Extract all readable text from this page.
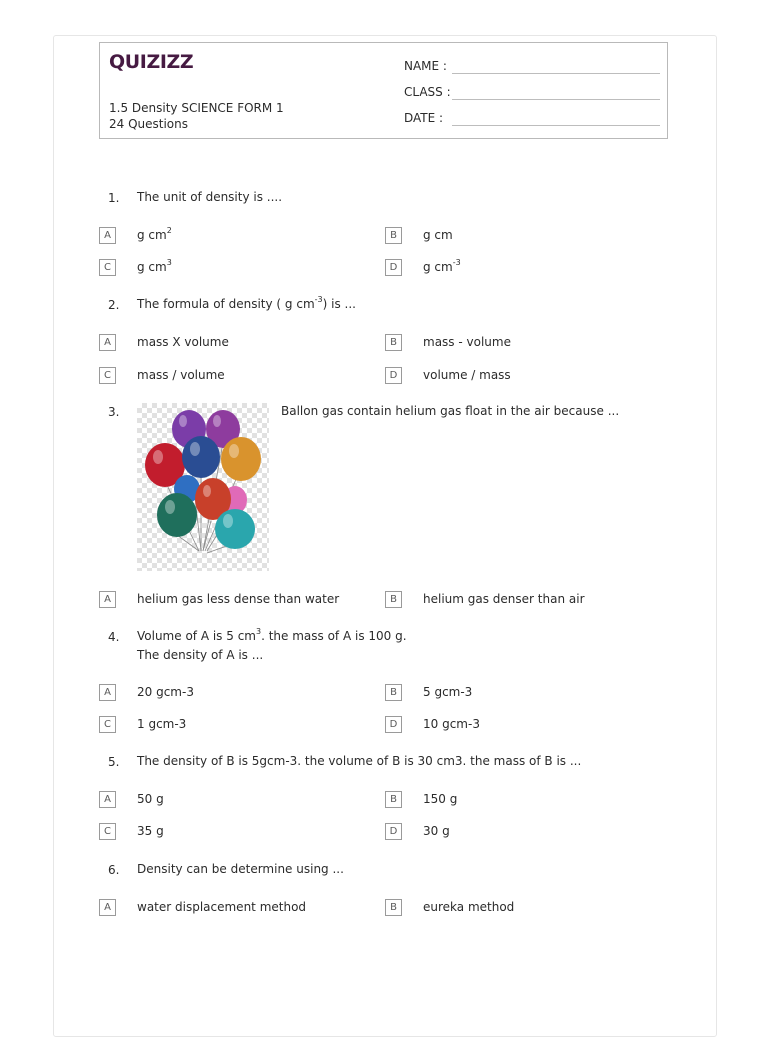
QUIZIZZ
1.5 Density SCIENCE FORM 1
24 Questions
NAME :
CLASS :
DATE :
1. The unit of density is ....
A	g $cm^2$	B	g cm
C	g $cm^3$	D	g $cm^{-3}$
2. The formula of density ( g $cm^{-3}$) is ...
A	mass X volume	B	mass - volume
C	mass / volume	D	volume / mass
3.	Ballon gas contain helium gas float in the air because ...
A	helium gas less dense than water	B	helium gas denser than air
4. Volume of A is 5 $cm^3$. the mass of A is 100 g.
The density of A is ...
A	20 gcm-3	B	5 gcm-3
C	1 gcm-3	D	10 gcm-3
5. The density of B is 5gcm-3. the volume of B is 30 cm3. the mass of B is ...
A	50 g	B	150 g
C	35 g	D	30 g
6. Density can be determine using ...
A	water displacement method	B	eureka method
